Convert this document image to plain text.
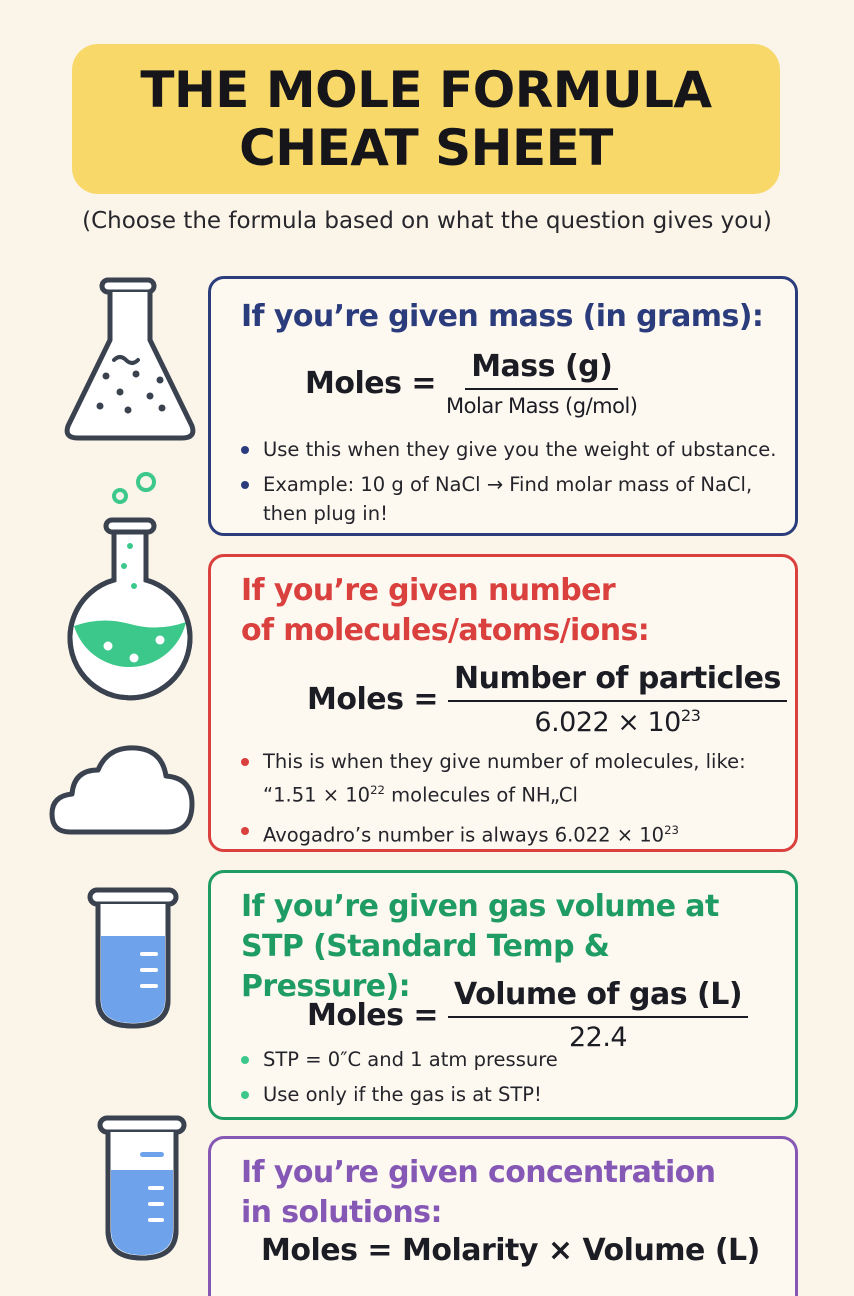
THE MOLE FORMULA
CHEAT SHEET
(Choose the formula based on what the question gives you)
If you’re given mass (in grams):
Moles = $\frac{\text{Mass (g)}}{\text{Molar Mass (g/mol)}}$
Use this when they give you the weight of ubstance.
Example: 10 g of NaCl → Find molar mass of NaCl, then plug in!
If you’re given number of molecules/atoms/ions:
Moles = $\frac{\text{Number of particles}}{6.022 \times 10^{23}}$
This is when they give number of molecules, like:
“$1.51 \times 10^{22}$ molecules of NH„Cl
Avogadro’s number is always $6.022 \times 10^{23}$
If you’re given gas volume at STP (Standard Temp & Pressure):
Moles = $\frac{\text{Volume of gas (L)}}{22.4}$
STP = 0″C and 1 atm pressure
Use only if the gas is at STP!
If you’re given concentration in solutions:
Moles = Molarity × Volume (L)
